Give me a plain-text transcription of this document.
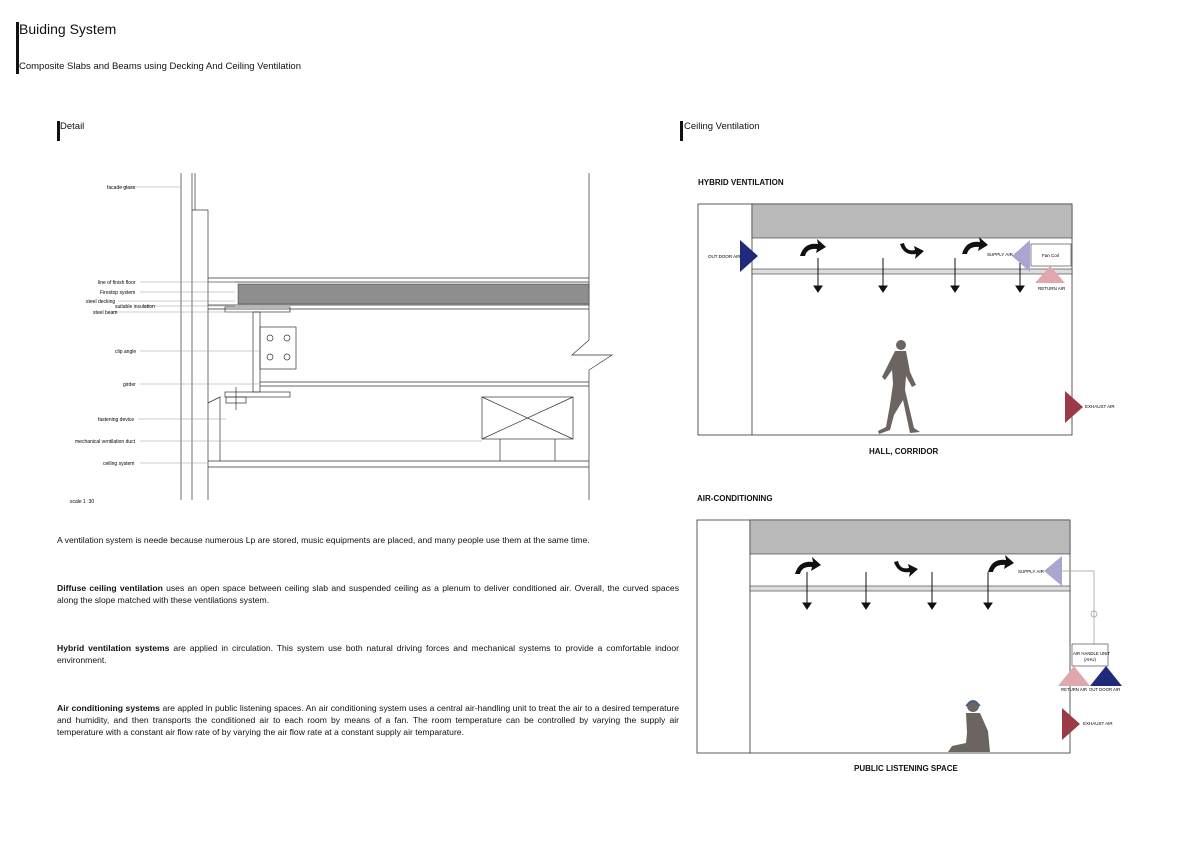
Buiding System
Composite Slabs and Beams using Decking And Ceiling Ventilation
Detail	Ceiling Ventilation
facade glass
line of finish floor
Firestop system
steel decking
suitable insulation
steel beam
clip angle
girder
fastening device
mechanical ventilation duct
ceiling system
scale 1 :30
A ventilation system is neede because numerous Lp are stored, music equipments are placed, and many people use them at the same time.
Diffuse ceiling ventilation uses an open space between ceiling slab and suspended ceiling as a plenum to deliver conditioned air. Overall, the curved spaces along the slope matched with these ventilations system.
Hybrid ventilation systems are applied in circulation. This system use both natural driving forces and mechanical systems to provide a comfortable indoor environment.
Air conditioning systems are appled in public listening spaces. An air conditioning system uses a central air-handling unit to treat the air to a desired temperature and humidity, and then transports the conditioned air to each room by means of a fan. The room temperature can be controlled by varying the supply air temperature with a constant air flow rate of by varying the air flow rate at a constant supply air temparature.
HYBRID VENTILATION
OUT DOOR AIR	SUPPLY AIR	Fan Coil
RETURN AIR
EXHAUST AIR
HALL, CORRIDOR
AIR-CONDITIONING
SUPPLY AIR
AIR HANDLE UNIT
(AHU)
RETURN AIR OUT DOOR AIR
EXHAUST AIR
PUBLIC LISTENING SPACE
